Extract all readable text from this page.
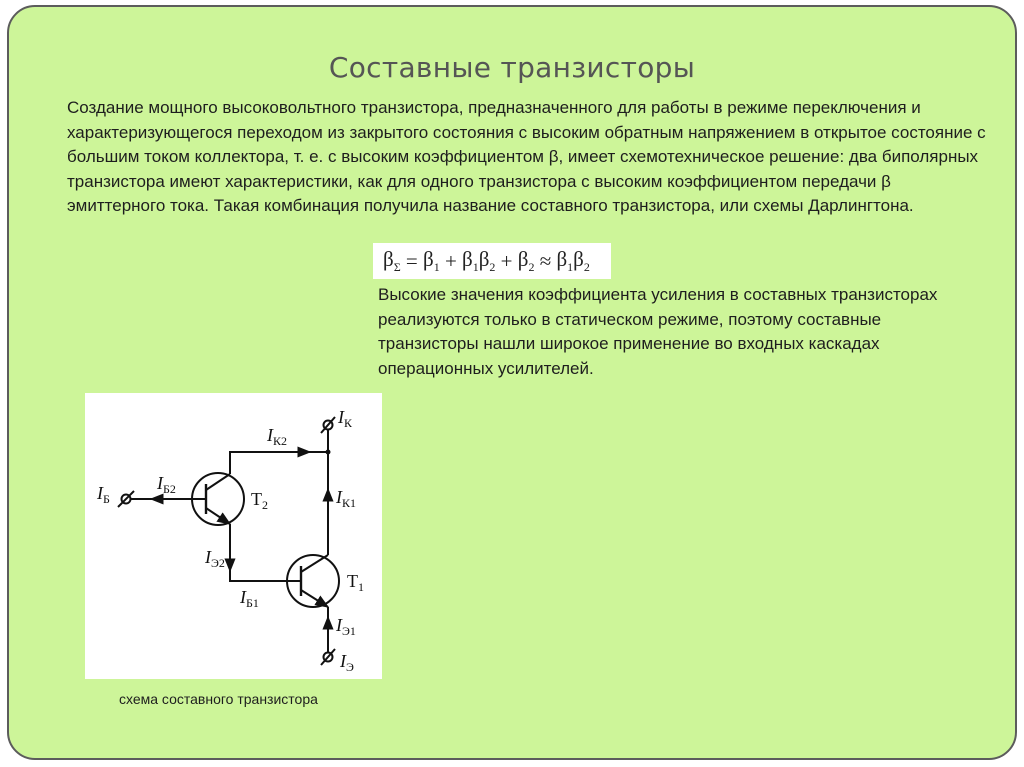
Составные транзисторы

Создание мощного высоковольтного транзистора, предназначенного для работы в режиме переключения и характеризующегося переходом из закрытого состояния с высоким обратным напряжением в открытое состояние с большим током коллектора, т. е. с высоким коэффициентом β, имеет схемотехническое решение: два биполярных транзистора имеют характеристики, как для одного транзистора с высоким коэффициентом передачи β эмиттерного тока. Такая комбинация получила название составного транзистора, или схемы Дарлингтона.

$\beta_\Sigma = \beta_1 + \beta_1\beta_2 + \beta_2 \approx \beta_1\beta_2$

Высокие значения коэффициента усиления в составных транзисторах реализуются только в статическом режиме, поэтому составные транзисторы нашли широкое применение во входных каскадах операционных усилителей.

$I_К$
$I_{К2}$
$I_Б$
$I_{Б2}$	$T_2$	$I_{К1}$
$I_{Э2}$
$T_1$
$I_{Б1}$
$I_{Э1}$
$I_Э$
схема составного транзистора
